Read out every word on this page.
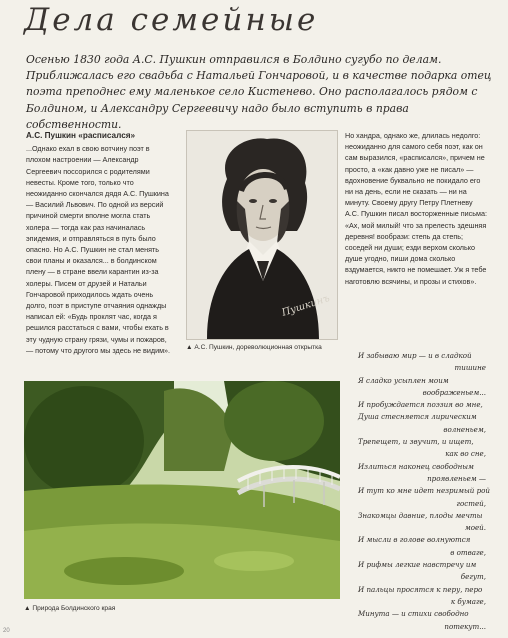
Дела семейные
Осенью 1830 года А.С. Пушкин отправился в Болдино сугубо по делам. Приближалась его свадьба с Натальей Гончаровой, и в качестве подарка отец поэта преподнес ему маленькое село Кистенево. Оно располагалось рядом с Болдином, и Александру Сергеевичу надо было вступить в права собственности.
А.С. Пушкин «расписался»
...Однако ехал в свою вотчину поэт в плохом настроении — Александр Сергеевич поссорился с родителями невесты. Кроме того, только что неожиданно скончался дядя А.С. Пушкина — Василий Львович. По одной из версий причиной смерти вполне могла стать холера — тогда как раз начиналась эпидемия, и отправляться в путь было опасно. Но А.С. Пушкин не стал менять свои планы и оказался... в болдинском плену — в стране ввели карантин из-за холеры. Писем от друзей и Натальи Гончаровой приходилось ждать очень долго, поэт в приступе отчаяния однажды написал ей: «Будь проклят час, когда я решился расстаться с вами, чтобы ехать в эту чудную страну грязи, чумы и пожаров, — потому что другого мы здесь не видим».
Пушкинъ
▲ А.С. Пушкин, дореволюционная открытка
Но хандра, однако же, длилась недолго: неожиданно для самого себя поэт, как он сам выразился, «расписался», причем не просто, а «как давно уже не писал» — вдохновение буквально не покидало его ни на день, если не сказать — ни на минуту. Своему другу Петру Плетневу А.С. Пушкин писал восторженные письма: «Ах, мой милый! что за прелесть здешняя деревня! вообрази: степь да степь; соседей ни души; езди верхом сколько душе угодно, пиши дома сколько вздумается, никто не помешает. Уж я тебе наготовлю всячины, и прозы и стихов».
▲ Природа Болдинского края
И забываю мир — и в сладкой
тишине
Я сладко усыплен моим
воображеньем...
И пробуждается поэзия во мне,
Душа стесняется лирическим
волненьем,
Трепещет, и звучит, и ищет,
как во сне,
Излиться наконец свободным
проявленьем —
И тут ко мне идет незримый рой
гостей,
Знакомцы давние, плоды мечты
моей.
И мысли в голове волнуются
в отваге,
И рифмы легкие навстречу им
бегут,
И пальцы просятся к перу, перо
к бумаге,
Минута — и стихи свободно
потекут...
20
